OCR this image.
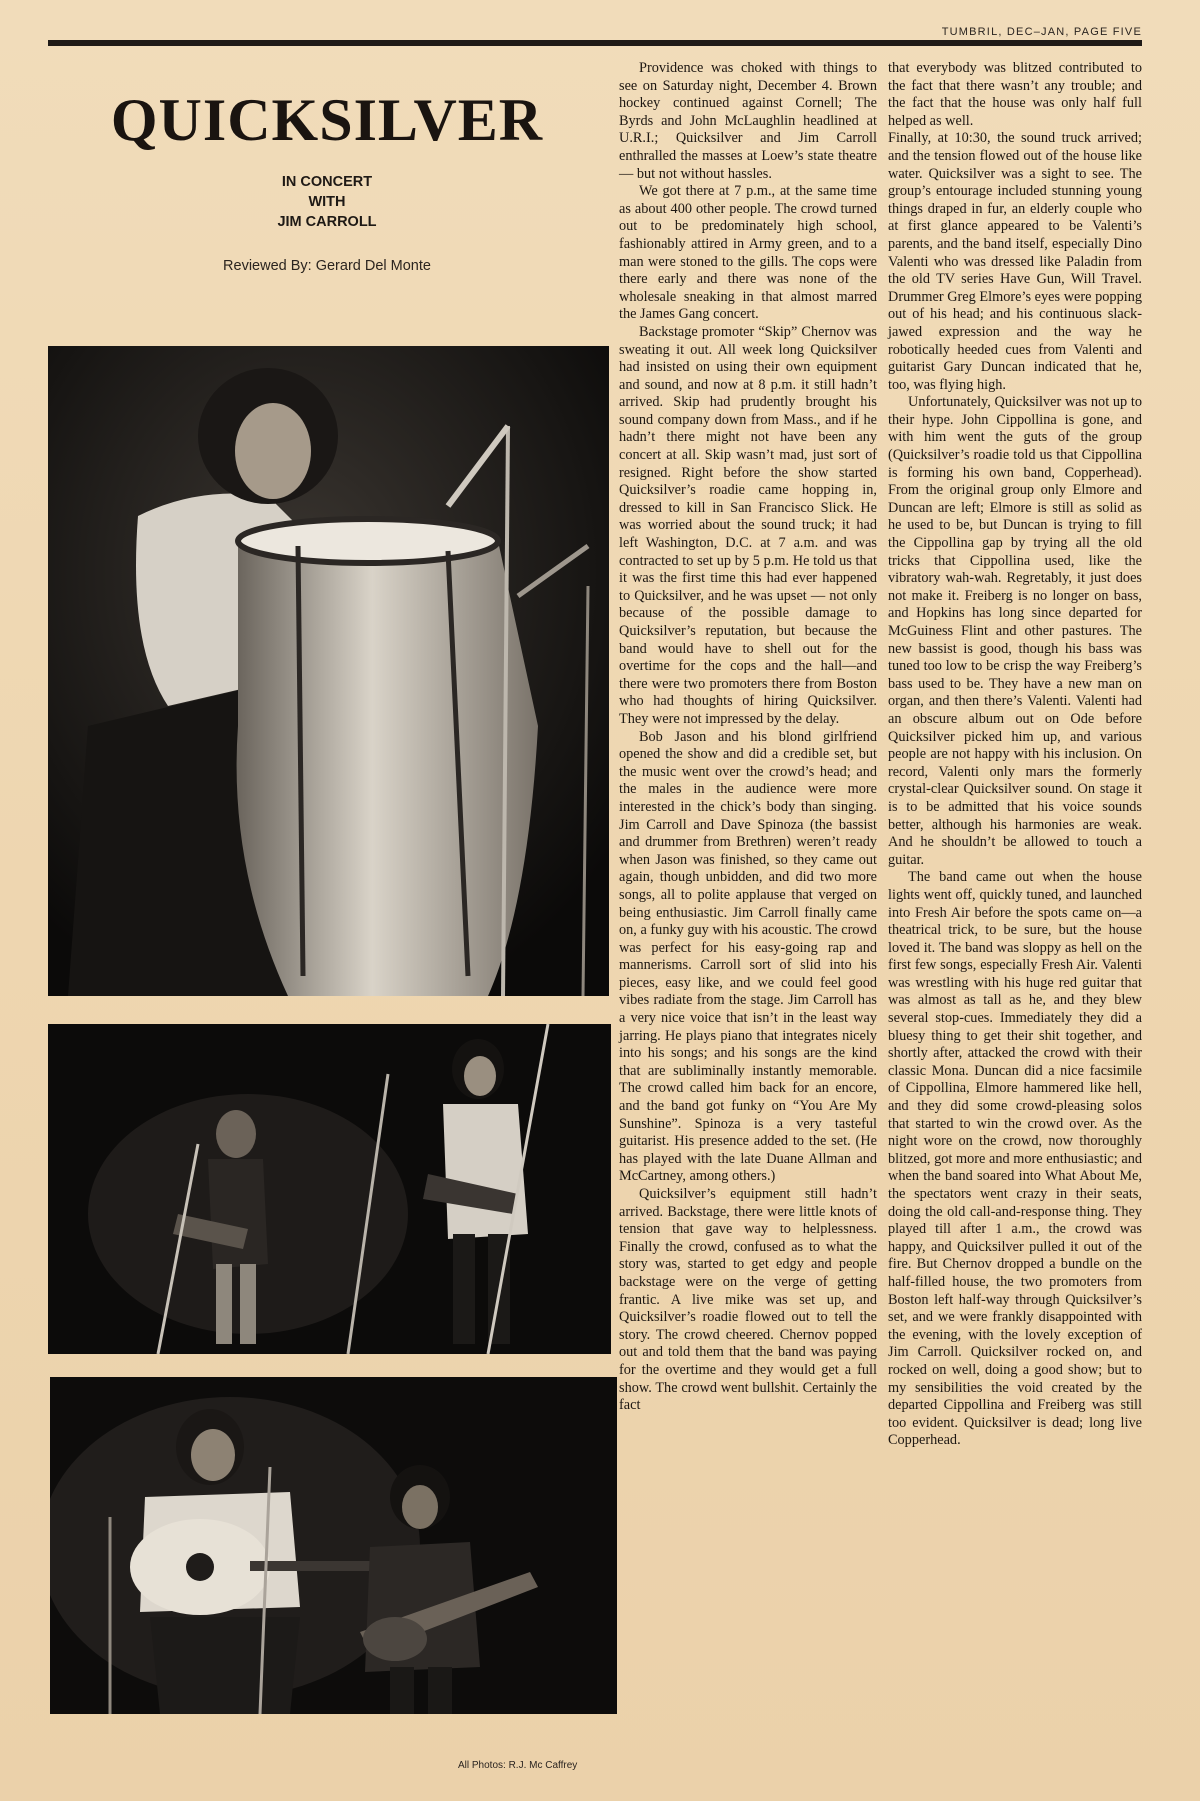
TUMBRIL, DEC–JAN, PAGE FIVE
QUICKSILVER
IN CONCERT
WITH
JIM CARROLL
Reviewed By: Gerard Del Monte
All Photos: R.J. Mc Caffrey

Providence was choked with things to see on Saturday night, December 4. Brown hockey continued against Cornell; The Byrds and John McLaughlin headlined at U.R.I.; Quicksilver and Jim Carroll enthralled the masses at Loew’s state theatre — but not without hassles.

We got there at 7 p.m., at the same time as about 400 other people. The crowd turned out to be predominately high school, fashionably attired in Army green, and to a man were stoned to the gills. The cops were there early and there was none of the wholesale sneaking in that almost marred the James Gang concert.

Backstage promoter “Skip” Chernov was sweating it out. All week long Quicksilver had insisted on using their own equipment and sound, and now at 8 p.m. it still hadn’t arrived. Skip had prudently brought his sound company down from Mass., and if he hadn’t there might not have been any concert at all. Skip wasn’t mad, just sort of resigned. Right before the show started Quicksilver’s roadie came hopping in, dressed to kill in San Francisco Slick. He was worried about the sound truck; it had left Washington, D.C. at 7 a.m. and was contracted to set up by 5 p.m. He told us that it was the first time this had ever happened to Quicksilver, and he was upset — not only because of the possible damage to Quicksilver’s reputation, but because the band would have to shell out for the overtime for the cops and the hall—and there were two promoters there from Boston who had thoughts of hiring Quicksilver. They were not impressed by the delay.

Bob Jason and his blond girlfriend opened the show and did a credible set, but the music went over the crowd’s head; and the males in the audience were more interested in the chick’s body than singing. Jim Carroll and Dave Spinoza (the bassist and drummer from Brethren) weren’t ready when Jason was finished, so they came out again, though unbidden, and did two more songs, all to polite applause that verged on being enthusiastic. Jim Carroll finally came on, a funky guy with his acoustic. The crowd was perfect for his easy-going rap and mannerisms. Carroll sort of slid into his pieces, easy like, and we could feel good vibes radiate from the stage. Jim Carroll has a very nice voice that isn’t in the least way jarring. He plays piano that integrates nicely into his songs; and his songs are the kind that are subliminally instantly memorable. The crowd called him back for an encore, and the band got funky on “You Are My Sunshine”. Spinoza is a very tasteful guitarist. His presence added to the set. (He has played with the late Duane Allman and McCartney, among others.)

Quicksilver’s equipment still hadn’t arrived. Backstage, there were little knots of tension that gave way to helplessness. Finally the crowd, confused as to what the story was, started to get edgy and people backstage were on the verge of getting frantic. A live mike was set up, and Quicksilver’s roadie flowed out to tell the story. The crowd cheered. Chernov popped out and told them that the band was paying for the overtime and they would get a full show. The crowd went bullshit. Certainly the fact

that everybody was blitzed contributed to the fact that there wasn’t any trouble; and the fact that the house was only half full helped as well.

Finally, at 10:30, the sound truck arrived; and the tension flowed out of the house like water. Quicksilver was a sight to see. The group’s entourage included stunning young things draped in fur, an elderly couple who at first glance appeared to be Valenti’s parents, and the band itself, especially Dino Valenti who was dressed like Paladin from the old TV series Have Gun, Will Travel. Drummer Greg Elmore’s eyes were popping out of his head; and his continuous slack-jawed expression and the way he robotically heeded cues from Valenti and guitarist Gary Duncan indicated that he, too, was flying high.

Unfortunately, Quicksilver was not up to their hype. John Cippollina is gone, and with him went the guts of the group (Quicksilver’s roadie told us that Cippollina is forming his own band, Copperhead). From the original group only Elmore and Duncan are left; Elmore is still as solid as he used to be, but Duncan is trying to fill the Cippollina gap by trying all the old tricks that Cippollina used, like the vibratory wah-wah. Regretably, it just does not make it. Freiberg is no longer on bass, and Hopkins has long since departed for McGuiness Flint and other pastures. The new bassist is good, though his bass was tuned too low to be crisp the way Freiberg’s bass used to be. They have a new man on organ, and then there’s Valenti. Valenti had an obscure album out on Ode before Quicksilver picked him up, and various people are not happy with his inclusion. On record, Valenti only mars the formerly crystal-clear Quicksilver sound. On stage it is to be admitted that his voice sounds better, although his harmonies are weak. And he shouldn’t be allowed to touch a guitar.

The band came out when the house lights went off, quickly tuned, and launched into Fresh Air before the spots came on—a theatrical trick, to be sure, but the house loved it. The band was sloppy as hell on the first few songs, especially Fresh Air. Valenti was wrestling with his huge red guitar that was almost as tall as he, and they blew several stop-cues. Immediately they did a bluesy thing to get their shit together, and shortly after, attacked the crowd with their classic Mona. Duncan did a nice facsimile of Cippollina, Elmore hammered like hell, and they did some crowd-pleasing solos that started to win the crowd over. As the night wore on the crowd, now thoroughly blitzed, got more and more enthusiastic; and when the band soared into What About Me, the spectators went crazy in their seats, doing the old call-and-response thing. They played till after 1 a.m., the crowd was happy, and Quicksilver pulled it out of the fire. But Chernov dropped a bundle on the half-filled house, the two promoters from Boston left half-way through Quicksilver’s set, and we were frankly disappointed with the evening, with the lovely exception of Jim Carroll. Quicksilver rocked on, and rocked on well, doing a good show; but to my sensibilities the void created by the departed Cippollina and Freiberg was still too evident. Quicksilver is dead; long live Copperhead.
